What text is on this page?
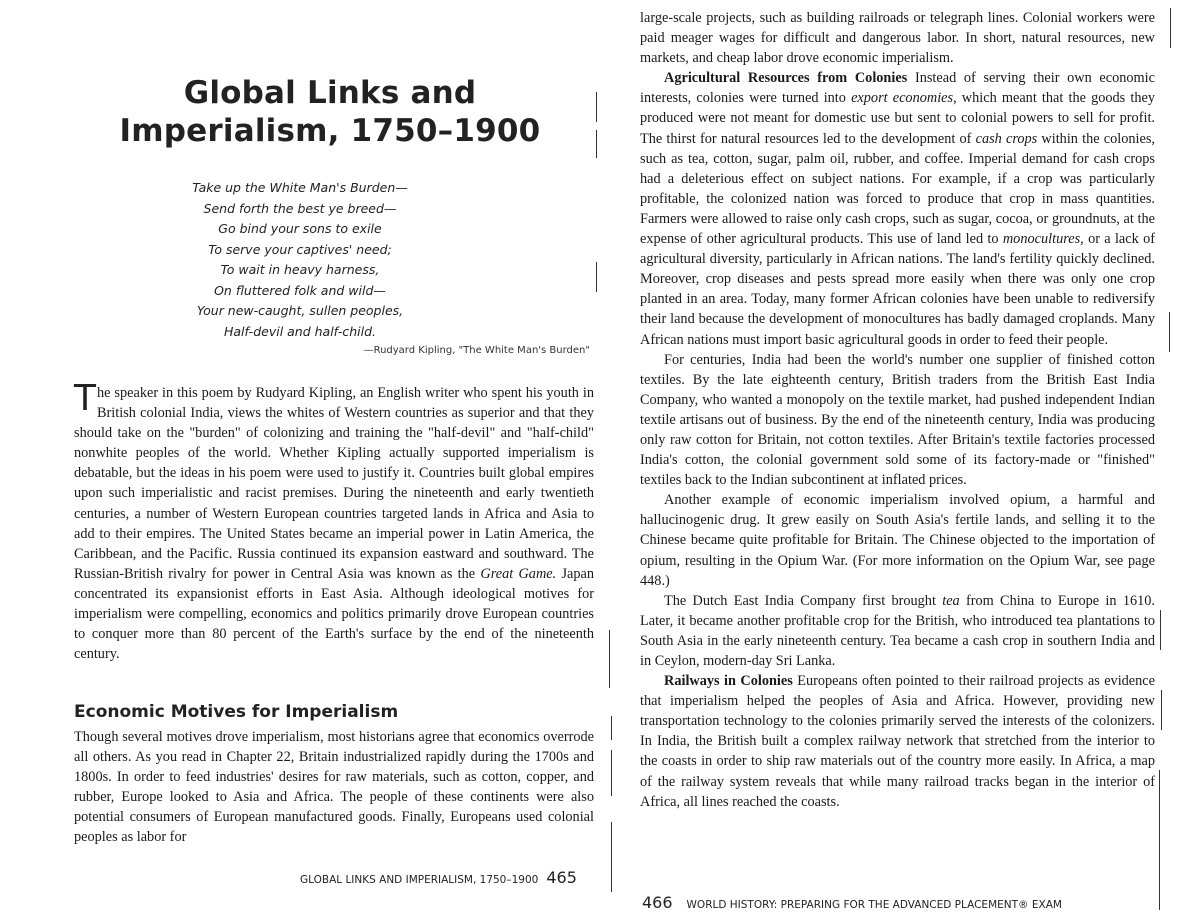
Global Links and Imperialism, 1750–1900
Take up the White Man's Burden—
Send forth the best ye breed—
Go bind your sons to exile
To serve your captives' need;
To wait in heavy harness,
On fluttered folk and wild—
Your new-caught, sullen peoples,
Half-devil and half-child.
—Rudyard Kipling, "The White Man's Burden"

The speaker in this poem by Rudyard Kipling, an English writer who spent his youth in British colonial India, views the whites of Western countries as superior and that they should take on the "burden" of colonizing and training the "half-devil" and "half-child" nonwhite peoples of the world. Whether Kipling actually supported imperialism is debatable, but the ideas in his poem were used to justify it. Countries built global empires upon such imperialistic and racist premises. During the nineteenth and early twentieth centuries, a number of Western European countries targeted lands in Africa and Asia to add to their empires. The United States became an imperial power in Latin America, the Caribbean, and the Pacific. Russia continued its expansion eastward and southward. The Russian-British rivalry for power in Central Asia was known as the Great Game. Japan concentrated its expansionist efforts in East Asia. Although ideological motives for imperialism were compelling, economics and politics primarily drove European countries to conquer more than 80 percent of the Earth's surface by the end of the nineteenth century.

Economic Motives for Imperialism

Though several motives drove imperialism, most historians agree that economics overrode all others. As you read in Chapter 22, Britain industrialized rapidly during the 1700s and 1800s. In order to feed industries' desires for raw materials, such as cotton, copper, and rubber, Europe looked to Asia and Africa. The people of these continents were also potential consumers of European manufactured goods. Finally, Europeans used colonial peoples as labor for

GLOBAL LINKS AND IMPERIALISM, 1750–1900 465

large-scale projects, such as building railroads or telegraph lines. Colonial workers were paid meager wages for difficult and dangerous labor. In short, natural resources, new markets, and cheap labor drove economic imperialism.

Agricultural Resources from Colonies Instead of serving their own economic interests, colonies were turned into export economies, which meant that the goods they produced were not meant for domestic use but sent to colonial powers to sell for profit. The thirst for natural resources led to the development of cash crops within the colonies, such as tea, cotton, sugar, palm oil, rubber, and coffee. Imperial demand for cash crops had a deleterious effect on subject nations. For example, if a crop was particularly profitable, the colonized nation was forced to produce that crop in mass quantities. Farmers were allowed to raise only cash crops, such as sugar, cocoa, or groundnuts, at the expense of other agricultural products. This use of land led to monocultures, or a lack of agricultural diversity, particularly in African nations. The land's fertility quickly declined. Moreover, crop diseases and pests spread more easily when there was only one crop planted in an area. Today, many former African colonies have been unable to rediversify their land because the development of monocultures has badly damaged croplands. Many African nations must import basic agricultural goods in order to feed their people.

For centuries, India had been the world's number one supplier of finished cotton textiles. By the late eighteenth century, British traders from the British East India Company, who wanted a monopoly on the textile market, had pushed independent Indian textile artisans out of business. By the end of the nineteenth century, India was producing only raw cotton for Britain, not cotton textiles. After Britain's textile factories processed India's cotton, the colonial government sold some of its factory-made or "finished" textiles back to the Indian subcontinent at inflated prices.

Another example of economic imperialism involved opium, a harmful and hallucinogenic drug. It grew easily on South Asia's fertile lands, and selling it to the Chinese became quite profitable for Britain. The Chinese objected to the importation of opium, resulting in the Opium War. (For more information on the Opium War, see page 448.)

The Dutch East India Company first brought tea from China to Europe in 1610. Later, it became another profitable crop for the British, who introduced tea plantations to South Asia in the early nineteenth century. Tea became a cash crop in southern India and in Ceylon, modern-day Sri Lanka.

Railways in Colonies Europeans often pointed to their railroad projects as evidence that imperialism helped the peoples of Asia and Africa. However, providing new transportation technology to the colonies primarily served the interests of the colonizers. In India, the British built a complex railway network that stretched from the interior to the coasts in order to ship raw materials out of the country more easily. In Africa, a map of the railway system reveals that while many railroad tracks began in the interior of Africa, all lines reached the coasts.

466 WORLD HISTORY: PREPARING FOR THE ADVANCED PLACEMENT® EXAM
